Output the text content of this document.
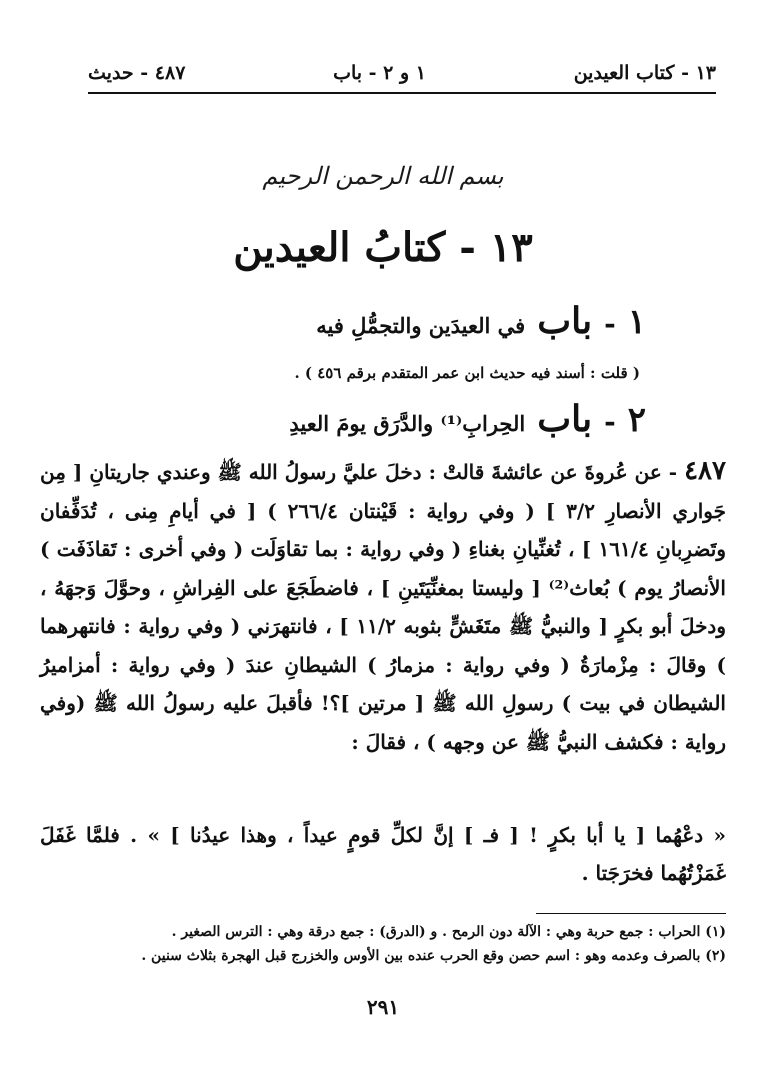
١٣ - كتاب العيدين
١ و ٢ - باب
٤٨٧ - حديث
بسم الله الرحمن الرحيم
١٣ - كتابُ العيدين
١
-
باب
في العيدَين والتجمُّلِ فيه
( قلت : أسند فيه حديث ابن عمر المتقدم برقم ٤٥٦ ) .
٢
-
باب
الحِرابِ⁽¹⁾ والدَّرَق يومَ العيدِ
٤٨٧ - عن عُروةَ عن عائشةَ قالتْ : دخلَ عليَّ رسولُ الله ﷺ وعندي جاريتانِ [ مِن جَواري الأنصارِ ٣/٢ ] ( وفي رواية : قَيْنتان ٢٦٦/٤ ) [ في أيامِ مِنى ، تُدَفِّفان وتَضرِبانِ ١٦١/٤ ] ، تُغنِّيانِ بغناءِ ( وفي رواية : بما تقاوَلَت ( وفي أخرى : تَقاذَفَت ) الأنصارُ يوم ) بُعاث⁽²⁾ [ وليستا بمغنِّيَتَينِ ] ، فاضطَجَعَ على الفِراشِ ، وحوَّلَ وَجهَهُ ، ودخلَ أبو بكرٍ [ والنبيُّ ﷺ متَغَشٍّ بثوبه ١١/٢ ] ، فانتهرَني ( وفي رواية : فانتهرهما ) وقالَ : مِزْمارَةُ ( وفي رواية : مزمارُ ) الشيطانِ عندَ ( وفي رواية : أمزاميرُ الشيطان في بيت ) رسولِ الله ﷺ [ مرتين ]؟! فأقبلَ عليه رسولُ الله ﷺ (وفي رواية : فكشف النبيُّ ﷺ عن وجهه ) ، فقالَ :
« دعْهُما [ يا أبا بكرٍ ! [ فـ ] إنَّ لكلِّ قومٍ عيداً ، وهذا عيدُنا ] » . فلمَّا غَفَلَ غَمَزْتُهُما فخرَجَتا .
(١) الحراب : جمع حربة وهي : الآلة دون الرمح . و (الدرق) : جمع درقة وهي : الترس الصغير .
(٢) بالصرف وعدمه وهو : اسم حصن وقع الحرب عنده بين الأوس والخزرج قبل الهجرة بثلاث سنين .
٢٩١
